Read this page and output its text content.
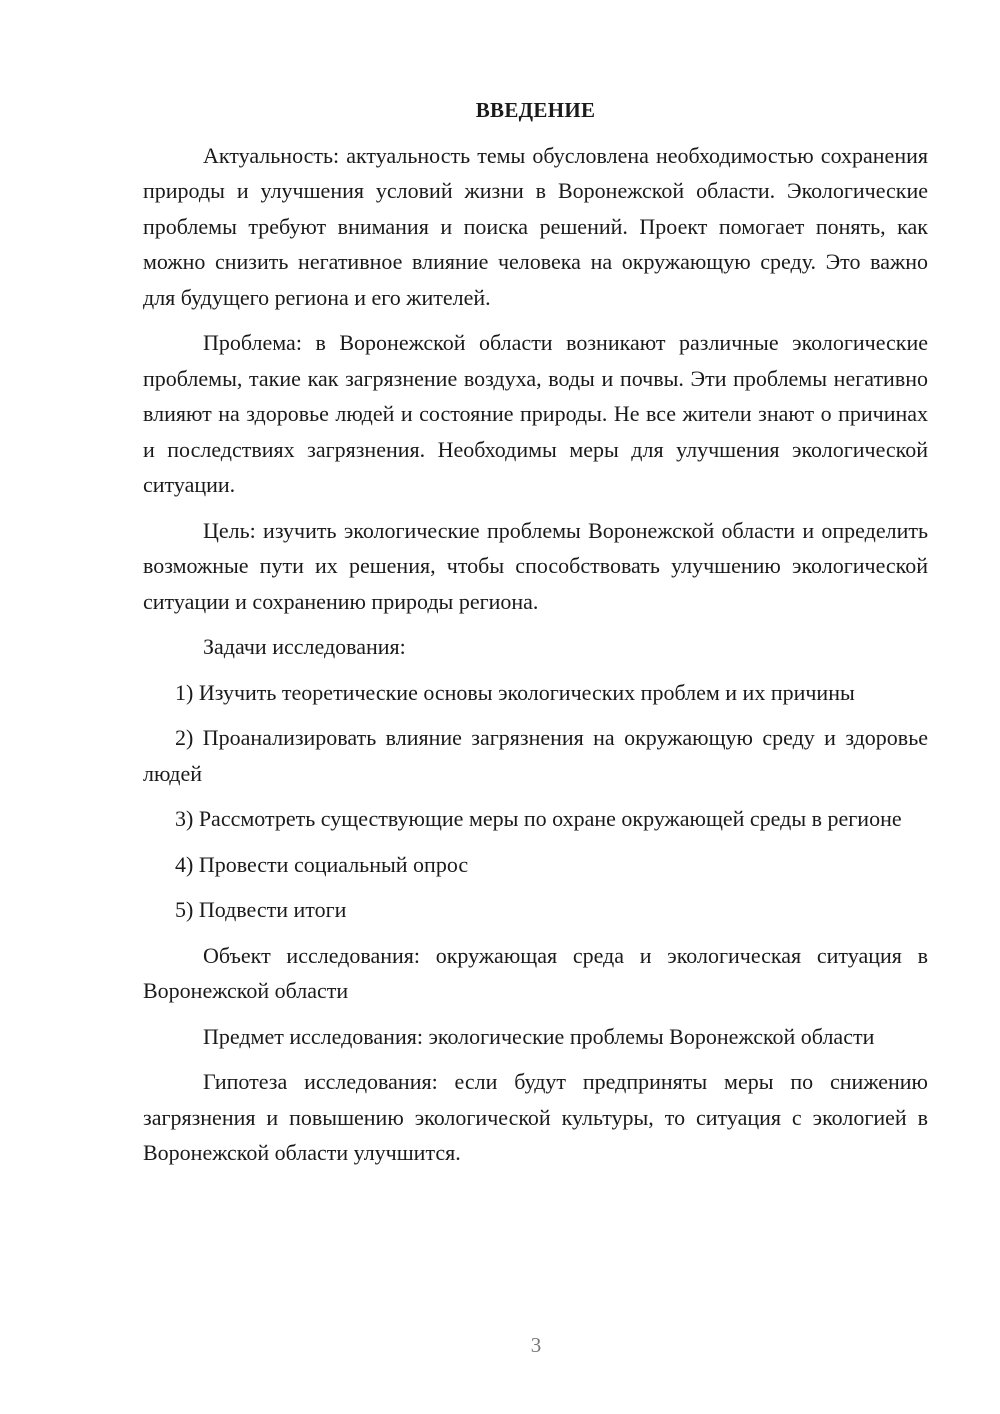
ВВЕДЕНИЕ

Актуальность: актуальность темы обусловлена необходимостью сохранения природы и улучшения условий жизни в Воронежской области. Экологические проблемы требуют внимания и поиска решений. Проект помогает понять, как можно снизить негативное влияние человека на окружающую среду. Это важно для будущего региона и его жителей.

Проблема: в Воронежской области возникают различные экологические проблемы, такие как загрязнение воздуха, воды и почвы. Эти проблемы негативно влияют на здоровье людей и состояние природы. Не все жители знают о причинах и последствиях загрязнения. Необходимы меры для улучшения экологической ситуации.

Цель: изучить экологические проблемы Воронежской области и определить возможные пути их решения, чтобы способствовать улучшению экологической ситуации и сохранению природы региона.

Задачи исследования:

1) Изучить теоретические основы экологических проблем и их причины

2) Проанализировать влияние загрязнения на окружающую среду и здоровье людей

3) Рассмотреть существующие меры по охране окружающей среды в регионе

4) Провести социальный опрос

5) Подвести итоги

Объект исследования: окружающая среда и экологическая ситуация в Воронежской области

Предмет исследования: экологические проблемы Воронежской области

Гипотеза исследования: если будут предприняты меры по снижению загрязнения и повышению экологической культуры, то ситуация с экологией в Воронежской области улучшится.

3
